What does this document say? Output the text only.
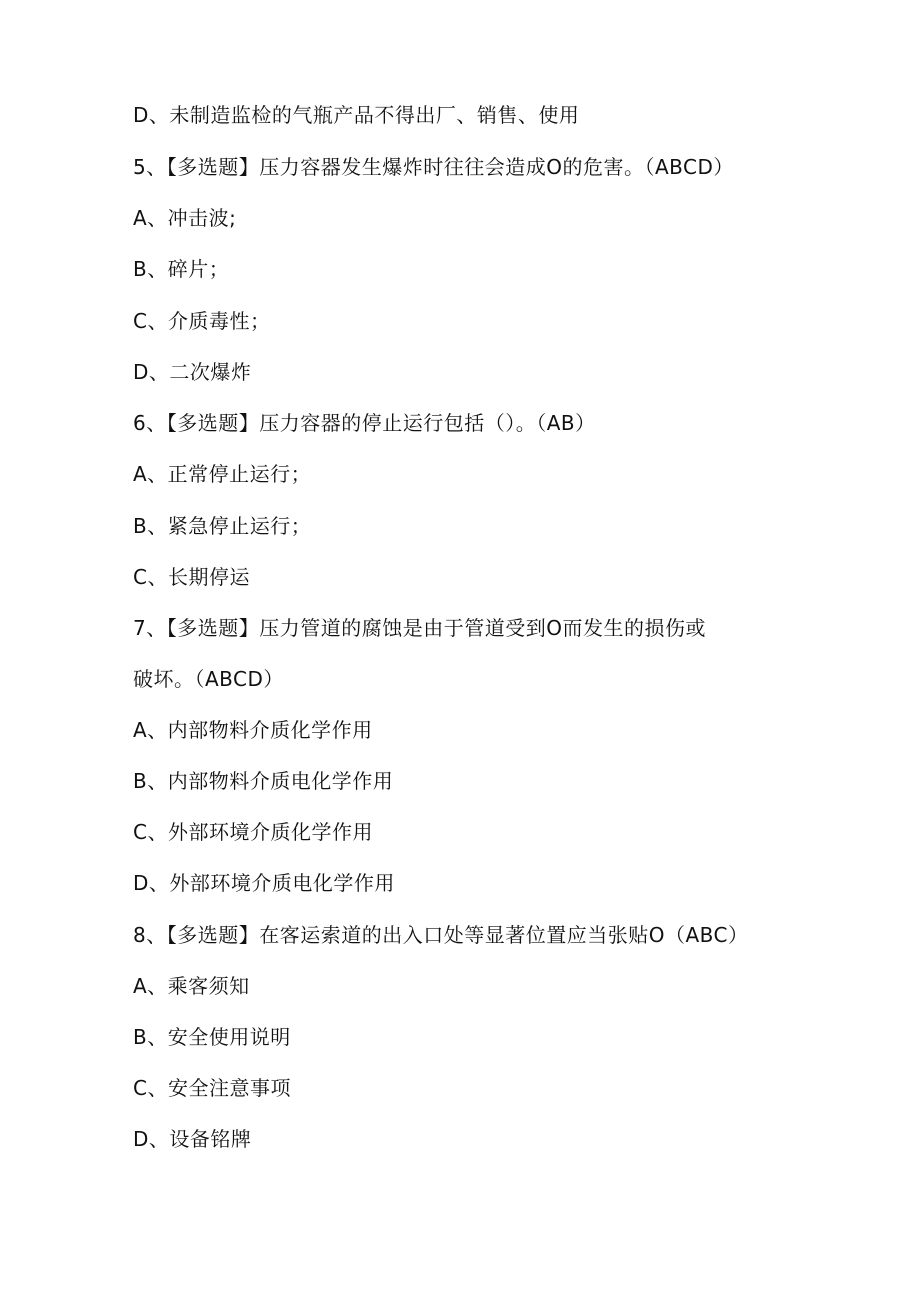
D、未制造监检的气瓶产品不得出厂、销售、使用
5、【多选题】压力容器发生爆炸时往往会造成O的危害。（ABCD）
A、冲击波;
B、碎片；
C、介质毒性；
D、二次爆炸
6、【多选题】压力容器的停止运行包括（）。（AB）
A、正常停止运行；
B、紧急停止运行；
C、长期停运
7、【多选题】压力管道的腐蚀是由于管道受到O而发生的损伤或
破坏。（ABCD）
A、内部物料介质化学作用
B、内部物料介质电化学作用
C、外部环境介质化学作用
D、外部环境介质电化学作用
8、【多选题】在客运索道的出入口处等显著位置应当张贴O（ABC）
A、乘客须知
B、安全使用说明
C、安全注意事项
D、设备铭牌
